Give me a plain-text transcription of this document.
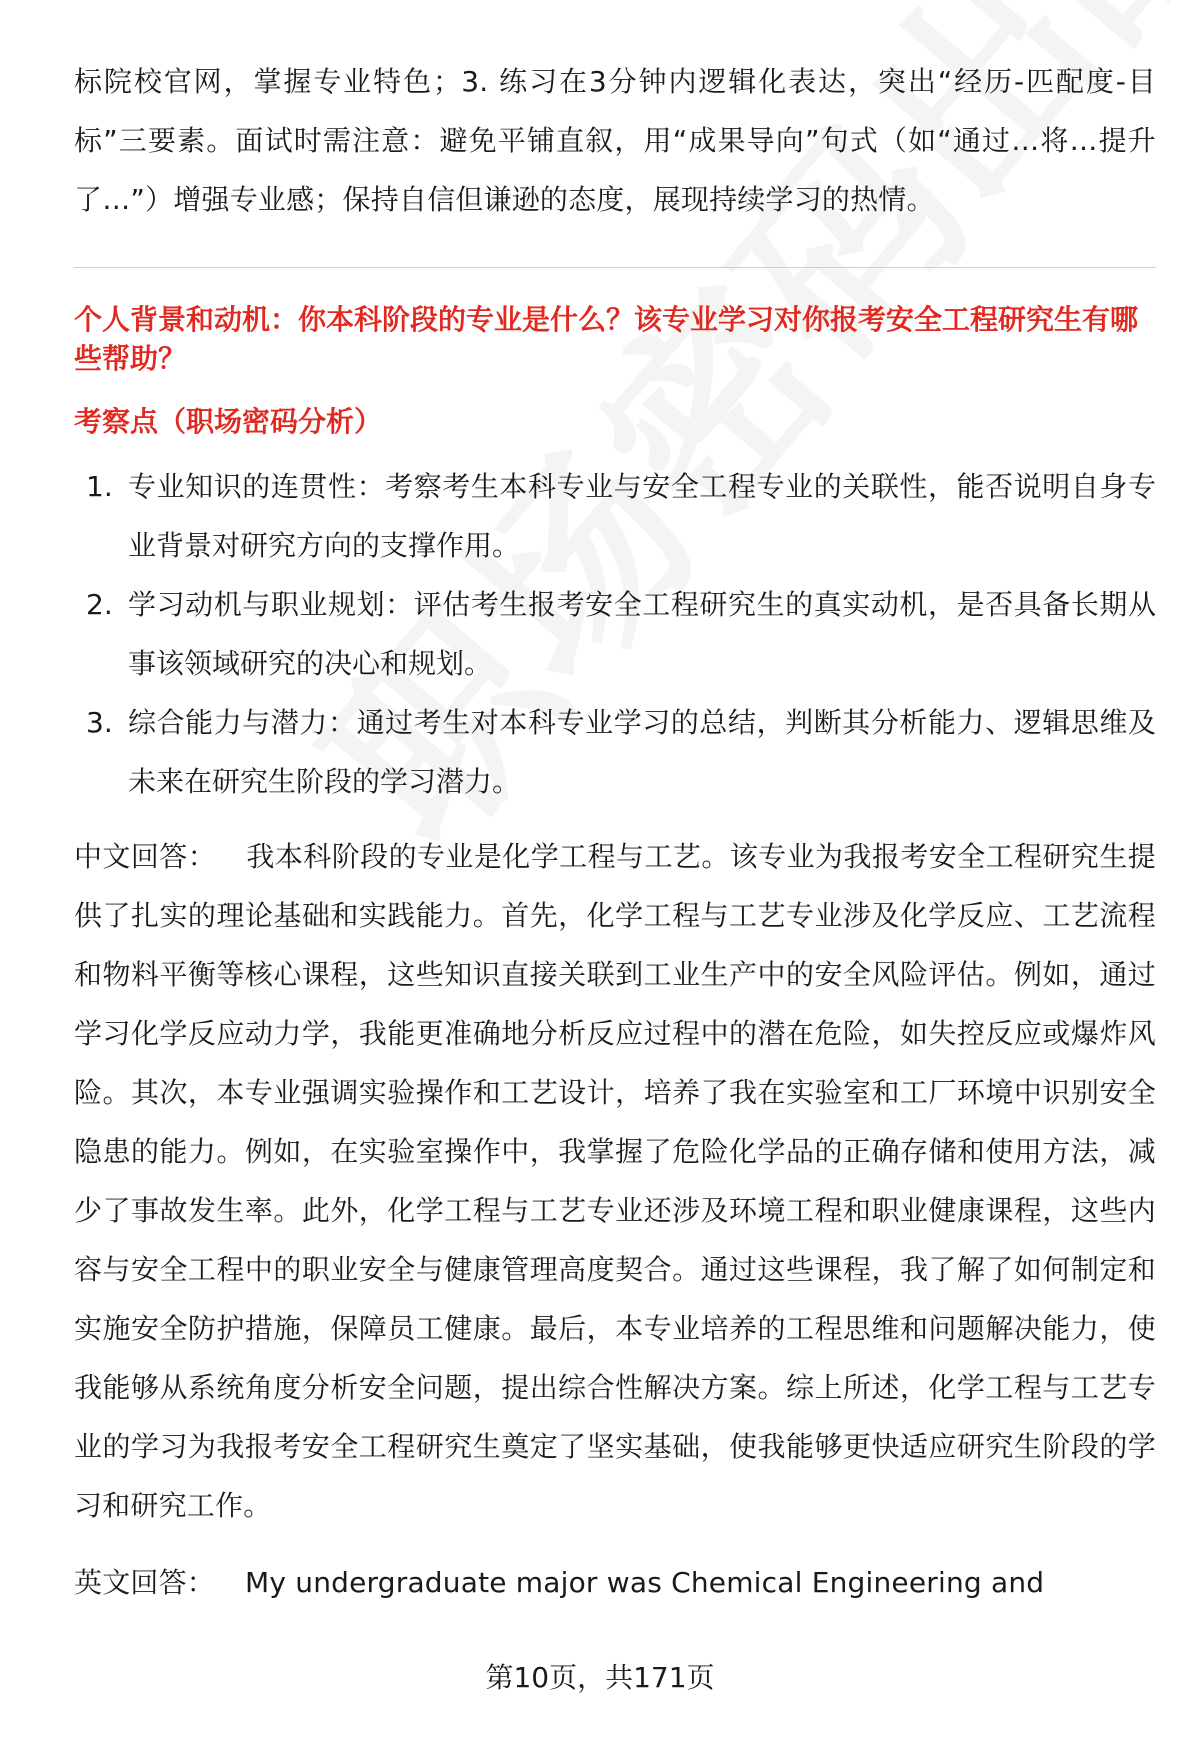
标院校官网，掌握专业特色；3. 练习在3分钟内逻辑化表达，突出“经历-匹配度-目标”三要素。面试时需注意：避免平铺直叙，用“成果导向”句式（如“通过…将…提升了…”）增强专业感；保持自信但谦逊的态度，展现持续学习的热情。

个人背景和动机：你本科阶段的专业是什么？该专业学习对你报考安全工程研究生有哪些帮助？

考察点（职场密码分析）

1. 专业知识的连贯性：考察考生本科专业与安全工程专业的关联性，能否说明自身专业背景对研究方向的支撑作用。
2. 学习动机与职业规划：评估考生报考安全工程研究生的真实动机，是否具备长期从事该领域研究的决心和规划。
3. 综合能力与潜力：通过考生对本科专业学习的总结，判断其分析能力、逻辑思维及未来在研究生阶段的学习潜力。

中文回答： 我本科阶段的专业是化学工程与工艺。该专业为我报考安全工程研究生提供了扎实的理论基础和实践能力。首先，化学工程与工艺专业涉及化学反应、工艺流程和物料平衡等核心课程，这些知识直接关联到工业生产中的安全风险评估。例如，通过学习化学反应动力学，我能更准确地分析反应过程中的潜在危险，如失控反应或爆炸风险。其次，本专业强调实验操作和工艺设计，培养了我在实验室和工厂环境中识别安全隐患的能力。例如，在实验室操作中，我掌握了危险化学品的正确存储和使用方法，减少了事故发生率。此外，化学工程与工艺专业还涉及环境工程和职业健康课程，这些内容与安全工程中的职业安全与健康管理高度契合。通过这些课程，我了解了如何制定和实施安全防护措施，保障员工健康。最后，本专业培养的工程思维和问题解决能力，使我能够从系统角度分析安全问题，提出综合性解决方案。综上所述，化学工程与工艺专业的学习为我报考安全工程研究生奠定了坚实基础，使我能够更快适应研究生阶段的学习和研究工作。

英文回答： My undergraduate major was Chemical Engineering and

第10页，共171页
